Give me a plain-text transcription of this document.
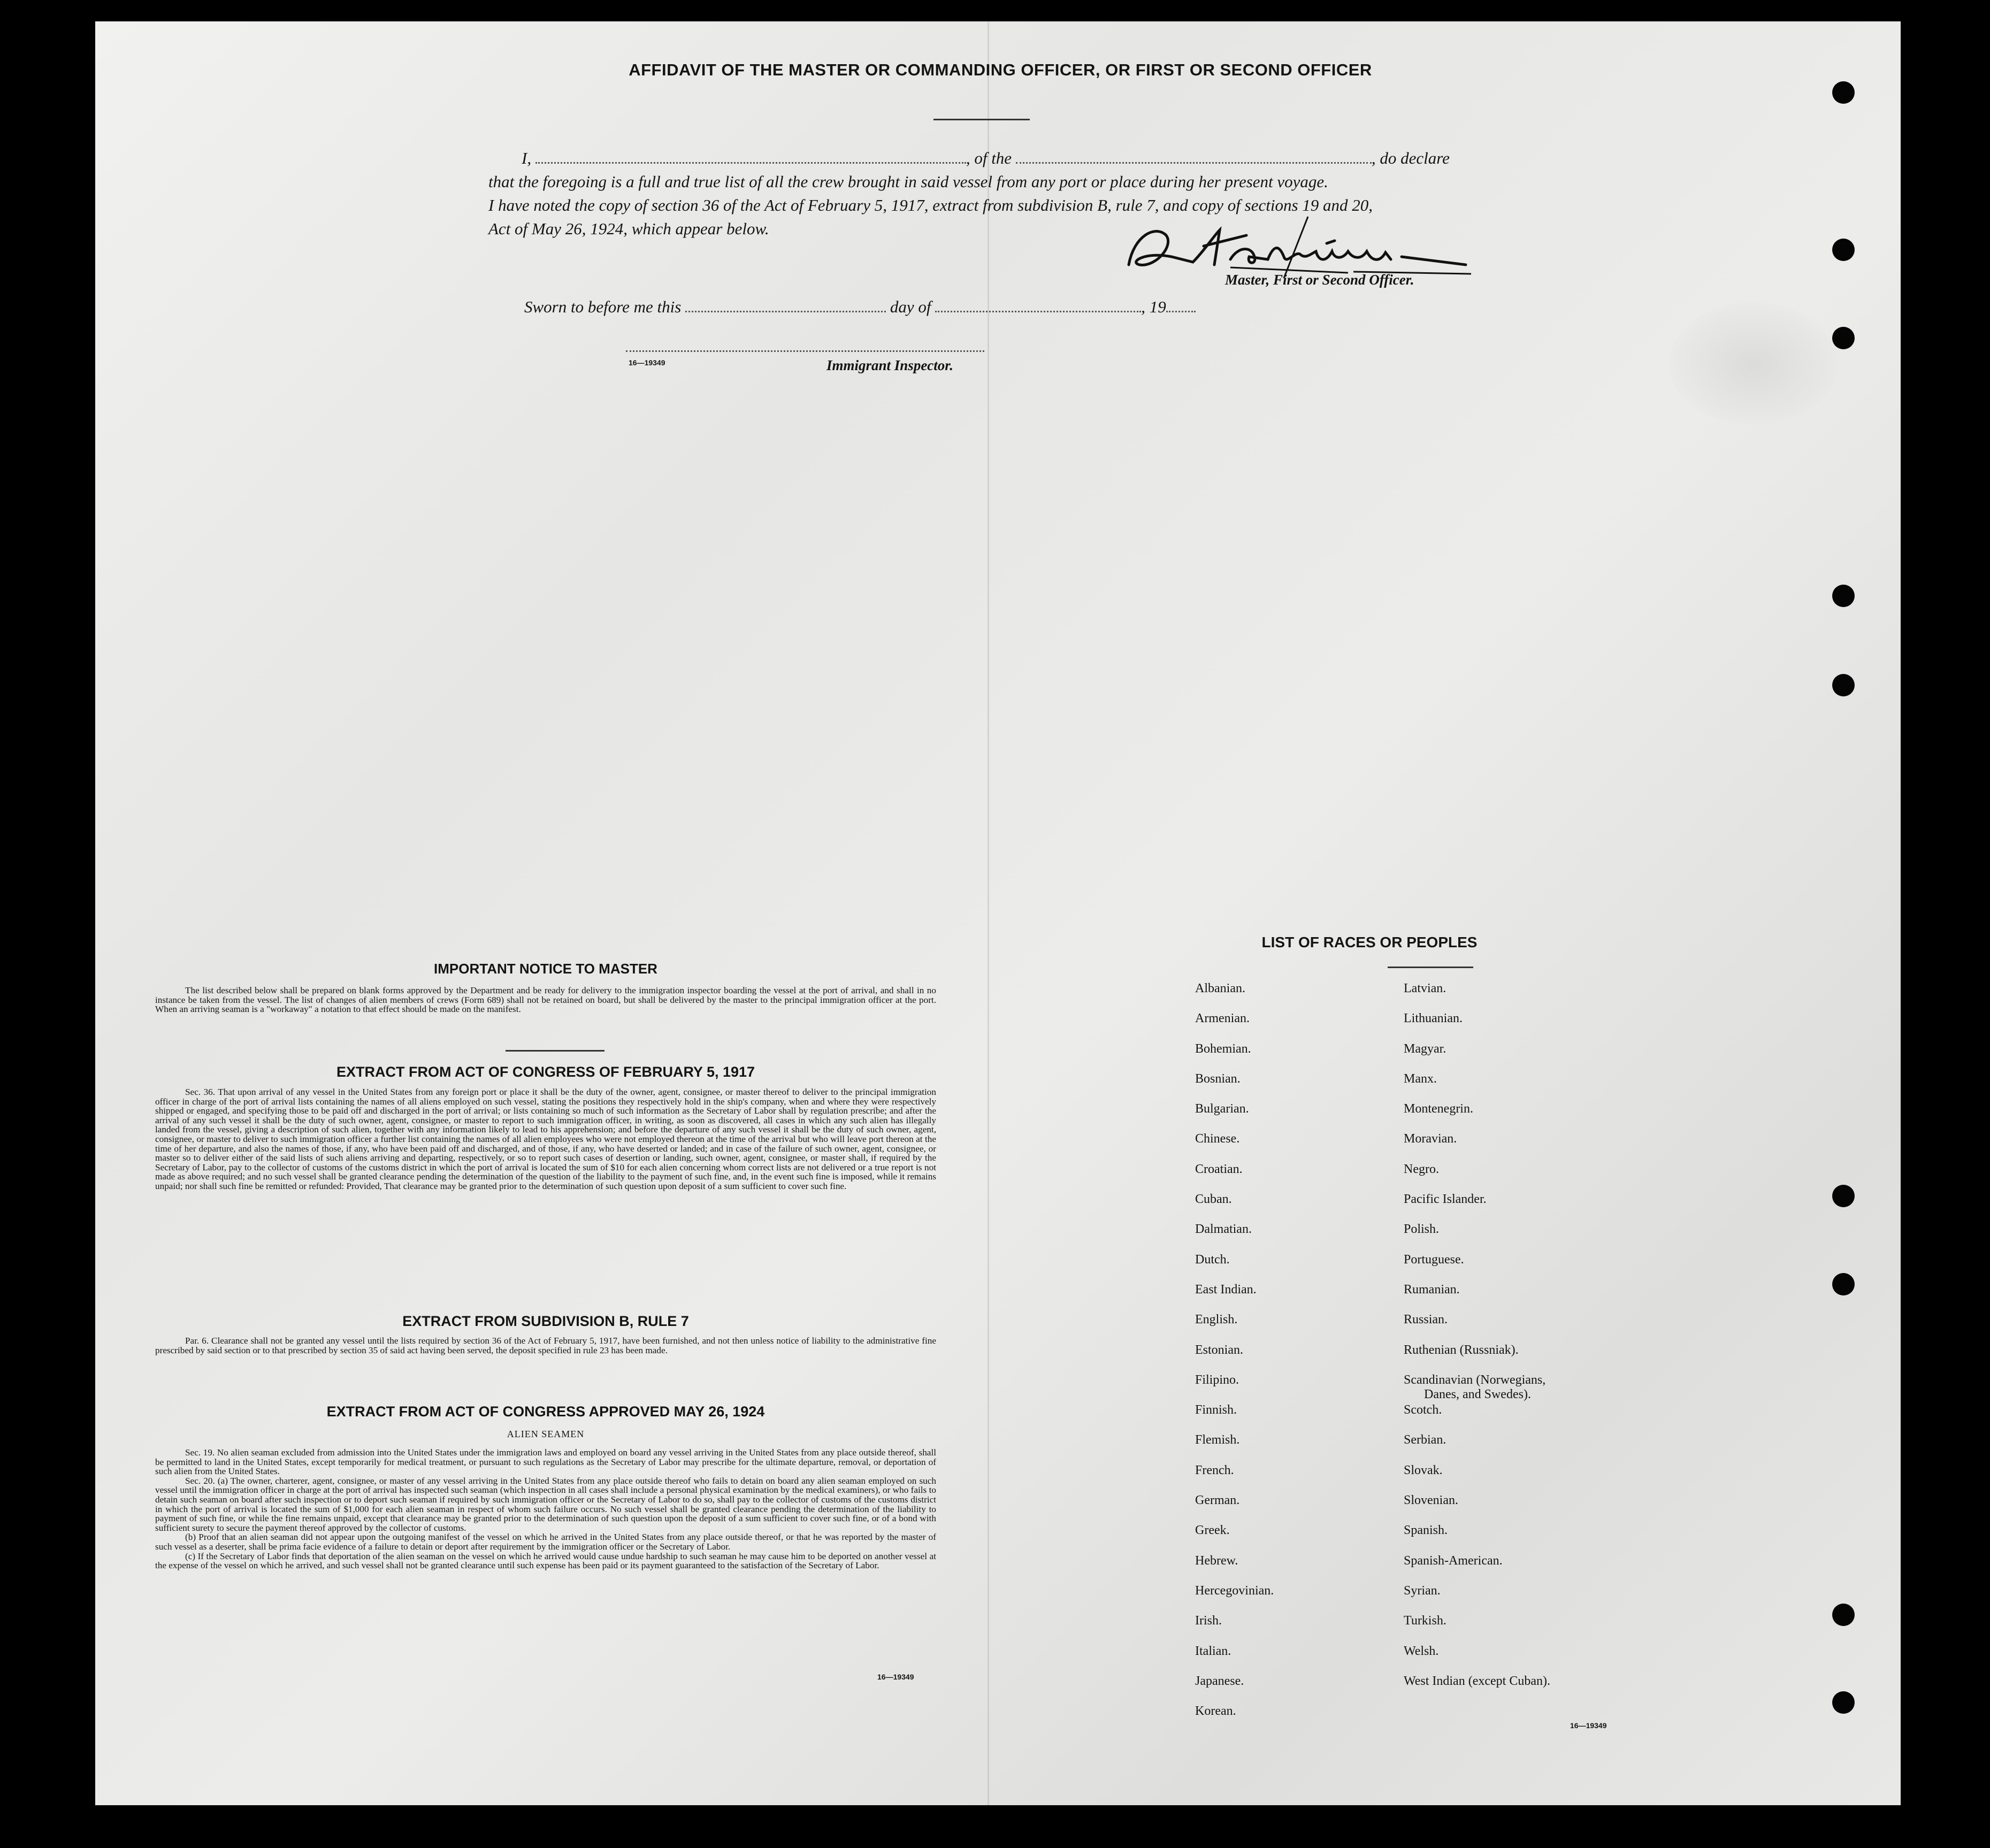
AFFIDAVIT OF THE MASTER OR COMMANDING OFFICER, OR FIRST OR SECOND OFFICER
I,	, of the	, do declare
that the foregoing is a full and true list of all the crew brought in said vessel from any port or place during her present voyage.
I have noted the copy of section 36 of the Act of February 5, 1917, extract from subdivision B, rule 7, and copy of sections 19 and 20,
Act of May 26, 1924, which appear below.
Master, First or Second Officer.
Sworn to before me this	day of	, 19
16—19349	Immigrant Inspector.
IMPORTANT NOTICE TO MASTER

The list described below shall be prepared on blank forms approved by the Department and be ready for delivery to the immigration inspector boarding the vessel at the port of arrival, and shall in no instance be taken from the vessel. The list of changes of alien members of crews (Form 689) shall not be retained on board, but shall be delivered by the master to the principal immigration officer at the port. When an arriving seaman is a "workaway" a notation to that effect should be made on the manifest.

EXTRACT FROM ACT OF CONGRESS OF FEBRUARY 5, 1917

Sec. 36. That upon arrival of any vessel in the United States from any foreign port or place it shall be the duty of the owner, agent, consignee, or master thereof to deliver to the principal immigration officer in charge of the port of arrival lists containing the names of all aliens employed on such vessel, stating the positions they respectively hold in the ship's company, when and where they were respectively shipped or engaged, and specifying those to be paid off and discharged in the port of arrival; or lists containing so much of such information as the Secretary of Labor shall by regulation prescribe; and after the arrival of any such vessel it shall be the duty of such owner, agent, consignee, or master to report to such immigration officer, in writing, as soon as discovered, all cases in which any such alien has illegally landed from the vessel, giving a description of such alien, together with any information likely to lead to his apprehension; and before the departure of any such vessel it shall be the duty of such owner, agent, consignee, or master to deliver to such immigration officer a further list containing the names of all alien employees who were not employed thereon at the time of the arrival but who will leave port thereon at the time of her departure, and also the names of those, if any, who have been paid off and discharged, and of those, if any, who have deserted or landed; and in case of the failure of such owner, agent, consignee, or master so to deliver either of the said lists of such aliens arriving and departing, respectively, or so to report such cases of desertion or landing, such owner, agent, consignee, or master shall, if required by the Secretary of Labor, pay to the collector of customs of the customs district in which the port of arrival is located the sum of $10 for each alien concerning whom correct lists are not delivered or a true report is not made as above required; and no such vessel shall be granted clearance pending the determination of the question of the liability to the payment of such fine, and, in the event such fine is imposed, while it remains unpaid; nor shall such fine be remitted or refunded: Provided, That clearance may be granted prior to the determination of such question upon deposit of a sum sufficient to cover such fine.

EXTRACT FROM SUBDIVISION B, RULE 7

Par. 6. Clearance shall not be granted any vessel until the lists required by section 36 of the Act of February 5, 1917, have been furnished, and not then unless notice of liability to the administrative fine prescribed by said section or to that prescribed by section 35 of said act having been served, the deposit specified in rule 23 has been made.

EXTRACT FROM ACT OF CONGRESS APPROVED MAY 26, 1924
ALIEN SEAMEN

Sec. 19. No alien seaman excluded from admission into the United States under the immigration laws and employed on board any vessel arriving in the United States from any place outside thereof, shall be permitted to land in the United States, except temporarily for medical treatment, or pursuant to such regulations as the Secretary of Labor may prescribe for the ultimate departure, removal, or deportation of such alien from the United States.

Sec. 20. (a) The owner, charterer, agent, consignee, or master of any vessel arriving in the United States from any place outside thereof who fails to detain on board any alien seaman employed on such vessel until the immigration officer in charge at the port of arrival has inspected such seaman (which inspection in all cases shall include a personal physical examination by the medical examiners), or who fails to detain such seaman on board after such inspection or to deport such seaman if required by such immigration officer or the Secretary of Labor to do so, shall pay to the collector of customs of the customs district in which the port of arrival is located the sum of $1,000 for each alien seaman in respect of whom such failure occurs. No such vessel shall be granted clearance pending the determination of the liability to payment of such fine, or while the fine remains unpaid, except that clearance may be granted prior to the determination of such question upon the deposit of a sum sufficient to cover such fine, or of a bond with sufficient surety to secure the payment thereof approved by the collector of customs.

(b) Proof that an alien seaman did not appear upon the outgoing manifest of the vessel on which he arrived in the United States from any place outside thereof, or that he was reported by the master of such vessel as a deserter, shall be prima facie evidence of a failure to detain or deport after requirement by the immigration officer or the Secretary of Labor.

(c) If the Secretary of Labor finds that deportation of the alien seaman on the vessel on which he arrived would cause undue hardship to such seaman he may cause him to be deported on another vessel at the expense of the vessel on which he arrived, and such vessel shall not be granted clearance until such expense has been paid or its payment guaranteed to the satisfaction of the Secretary of Labor.

16—19349
LIST OF RACES OR PEOPLES
Albanian.
Armenian.
Bohemian.
Bosnian.
Bulgarian.
Chinese.
Croatian.
Cuban.
Dalmatian.
Dutch.
East Indian.
English.
Estonian.
Filipino.
Finnish.
Flemish.
French.
German.
Greek.
Hebrew.
Hercegovinian.
Irish.
Italian.
Japanese.
Korean.
Latvian.
Lithuanian.
Magyar.
Manx.
Montenegrin.
Moravian.
Negro.
Pacific Islander.
Polish.
Portuguese.
Rumanian.
Russian.
Ruthenian (Russniak).
Scandinavian (Norwegians,
Danes, and Swedes).
Scotch.
Serbian.
Slovak.
Slovenian.
Spanish.
Spanish-American.
Syrian.
Turkish.
Welsh.
West Indian (except Cuban).
16—19349
